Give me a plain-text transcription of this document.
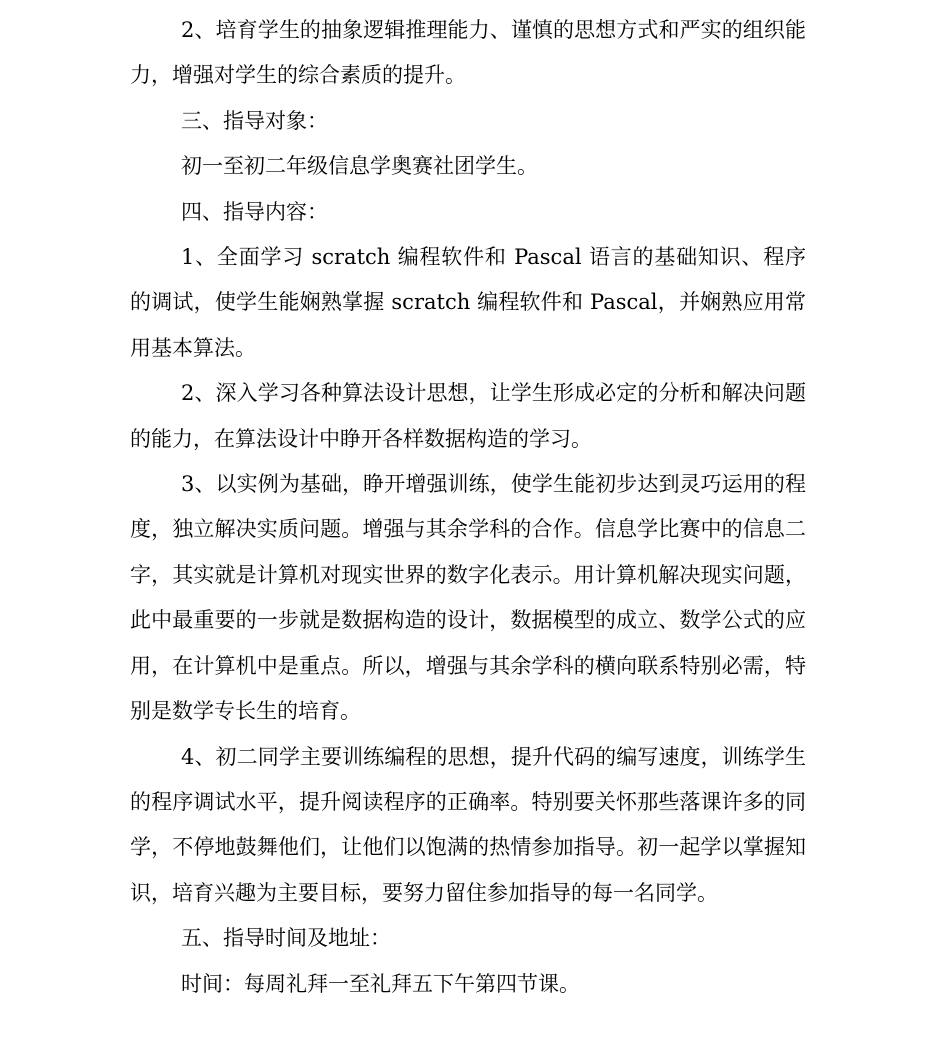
2、培育学生的抽象逻辑推理能力、谨慎的思想方式和严实的组织能力，增强对学生的综合素质的提升。

三、指导对象：

初一至初二年级信息学奥赛社团学生。

四、指导内容：

1、全面学习 scratch 编程软件和 Pascal 语言的基础知识、程序的调试，使学生能娴熟掌握 scratch 编程软件和 Pascal，并娴熟应用常用基本算法。

2、深入学习各种算法设计思想，让学生形成必定的分析和解决问题的能力，在算法设计中睁开各样数据构造的学习。

3、以实例为基础，睁开增强训练，使学生能初步达到灵巧运用的程度，独立解决实质问题。增强与其余学科的合作。信息学比赛中的信息二字，其实就是计算机对现实世界的数字化表示。用计算机解决现实问题，此中最重要的一步就是数据构造的设计，数据模型的成立、数学公式的应用，在计算机中是重点。所以，增强与其余学科的横向联系特别必需，特别是数学专长生的培育。

4、初二同学主要训练编程的思想，提升代码的编写速度，训练学生的程序调试水平，提升阅读程序的正确率。特别要关怀那些落课许多的同学，不停地鼓舞他们，让他们以饱满的热情参加指导。初一起学以掌握知识，培育兴趣为主要目标，要努力留住参加指导的每一名同学。

五、指导时间及地址：

时间：每周礼拜一至礼拜五下午第四节课。
